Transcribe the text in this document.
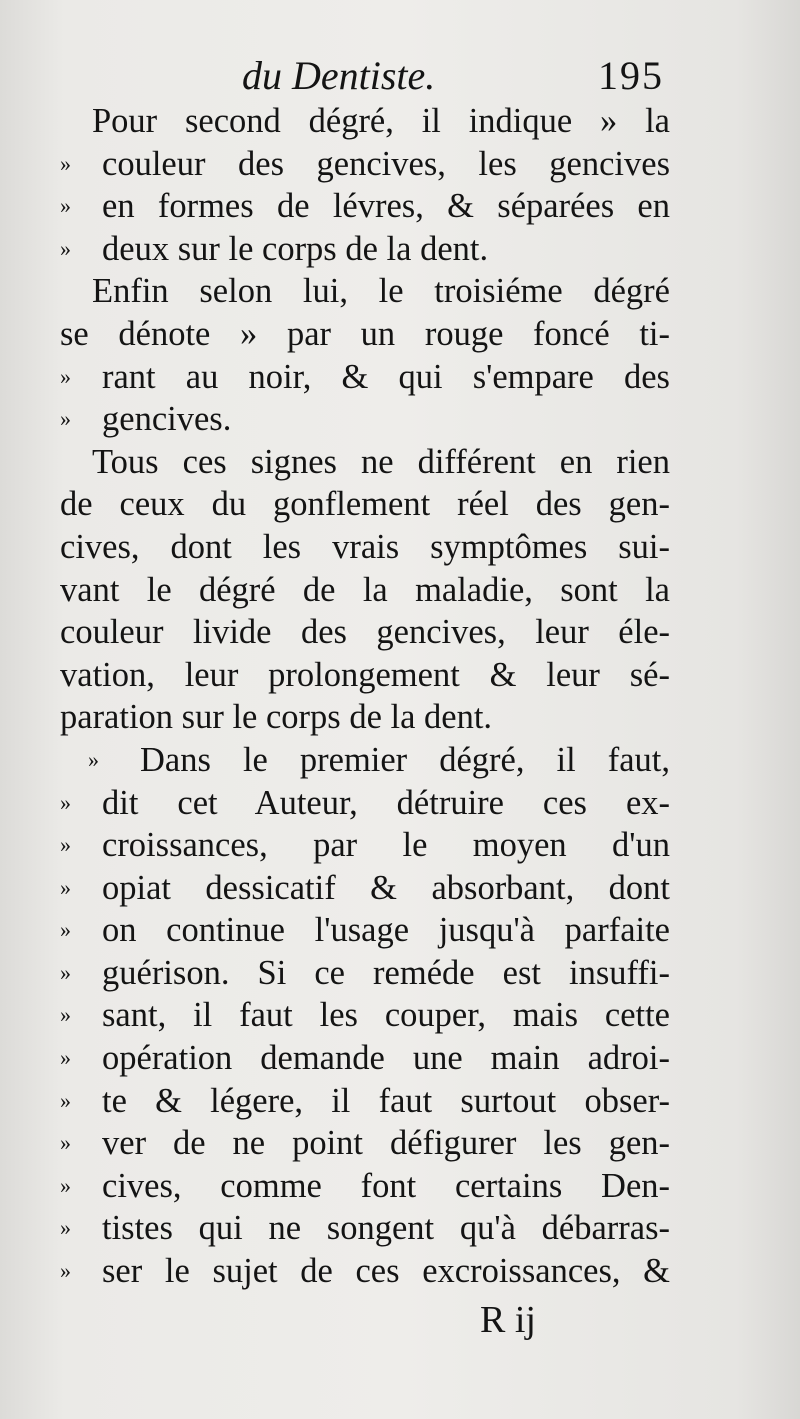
du Dentiste.	195
Pour second dégré, il indique » la
» couleur des gencives, les gencives
» en formes de lévres, & séparées en
» deux sur le corps de la dent.
Enfin selon lui, le troisiéme dégré
se dénote » par un rouge foncé ti-
» rant au noir, & qui s'empare des
» gencives.
Tous ces signes ne différent en rien
de ceux du gonflement réel des gen-
cives, dont les vrais symptômes sui-
vant le dégré de la maladie, sont la
couleur livide des gencives, leur éle-
vation, leur prolongement & leur sé-
paration sur le corps de la dent.
» Dans le premier dégré, il faut,
» dit cet Auteur, détruire ces ex-
» croissances, par le moyen d'un
» opiat dessicatif & absorbant, dont
» on continue l'usage jusqu'à parfaite
» guérison. Si ce reméde est insuffi-
» sant, il faut les couper, mais cette
» opération demande une main adroi-
» te & légere, il faut surtout obser-
» ver de ne point défigurer les gen-
» cives, comme font certains Den-
» tistes qui ne songent qu'à débarras-
» ser le sujet de ces excroissances, &
R ij
